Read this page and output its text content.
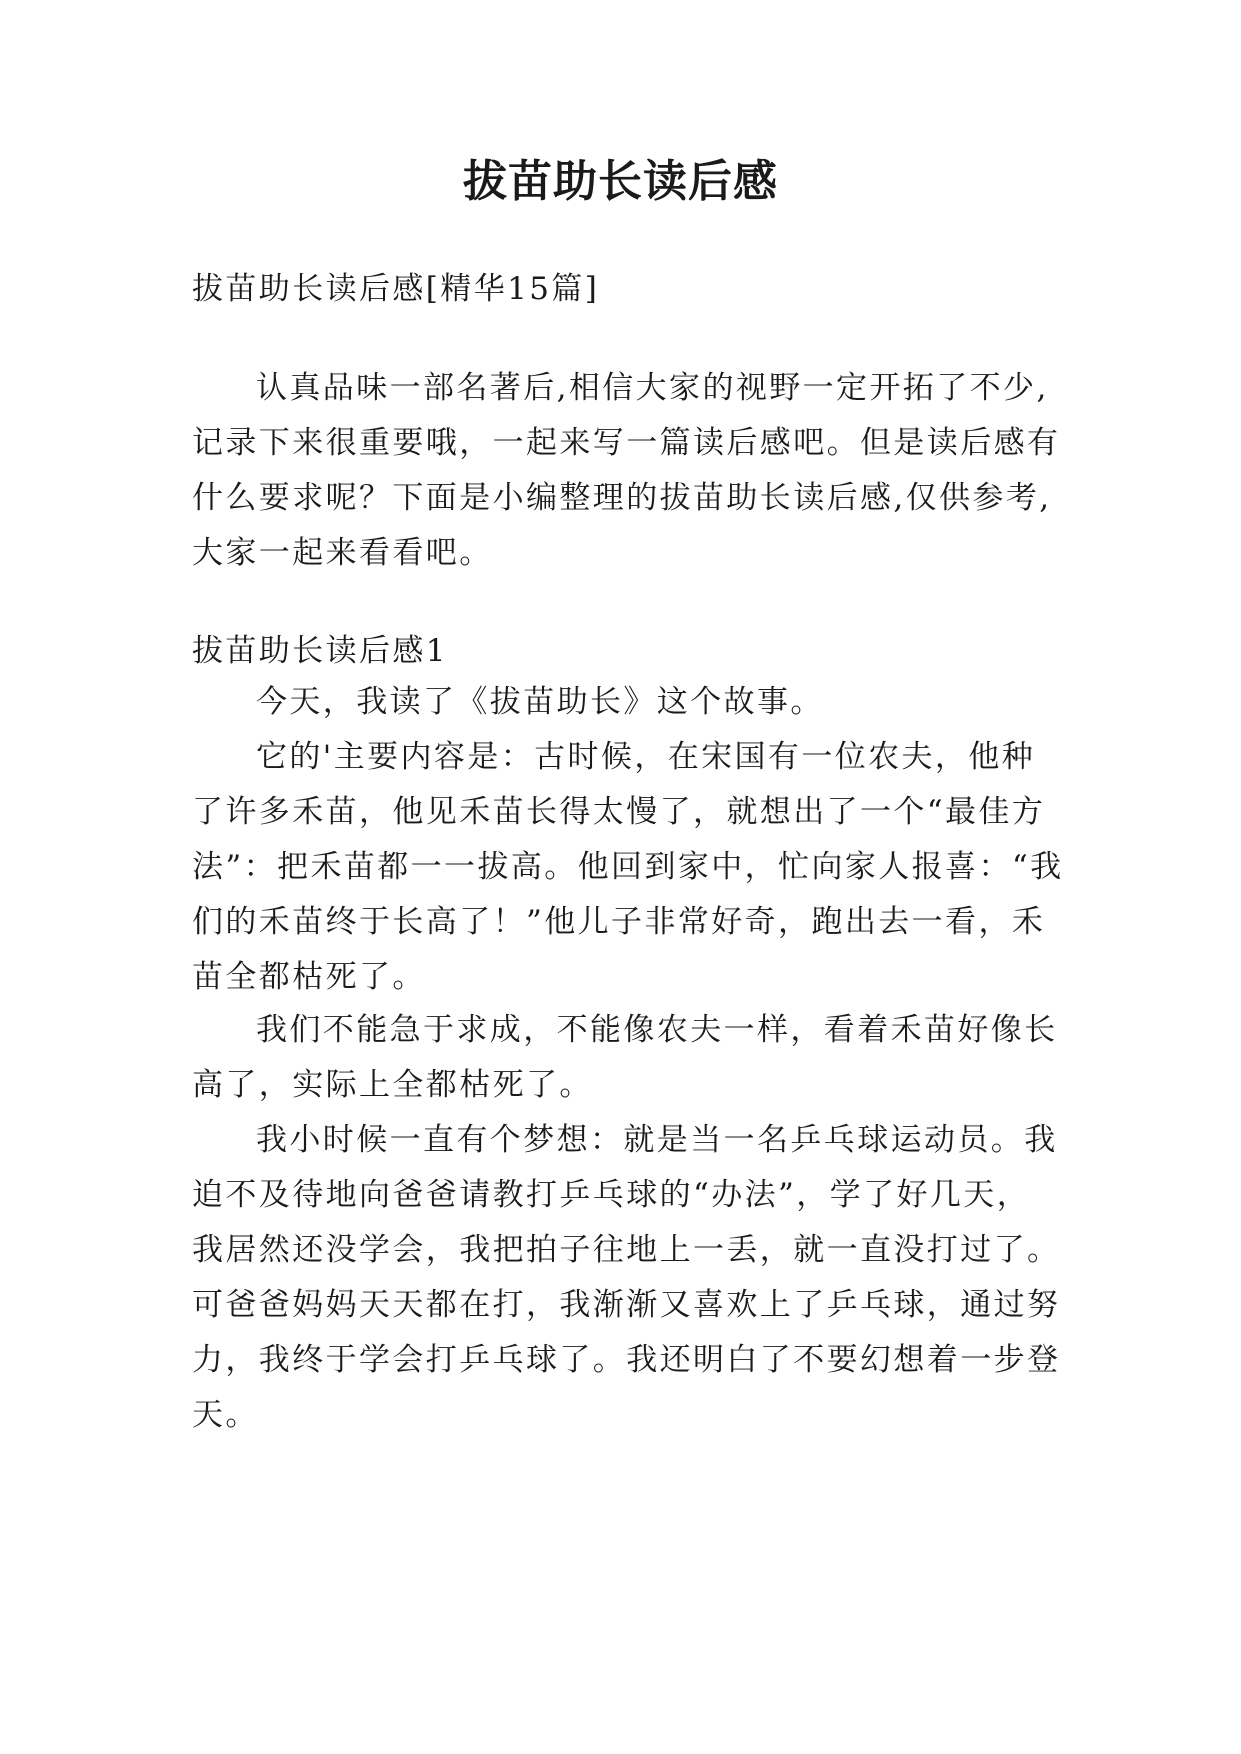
拔苗助长读后感
拔苗助长读后感[精华15篇]
认真品味一部名著后,相信大家的视野一定开拓了不少,
记录下来很重要哦，一起来写一篇读后感吧。但是读后感有
什么要求呢？下面是小编整理的拔苗助长读后感,仅供参考,
大家一起来看看吧。
拔苗助长读后感1
今天，我读了《拔苗助长》这个故事。
它的'主要内容是：古时候，在宋国有一位农夫，他种
了许多禾苗，他见禾苗长得太慢了，就想出了一个“最佳方
法”：把禾苗都一一拔高。他回到家中，忙向家人报喜：“我
们的禾苗终于长高了！”他儿子非常好奇，跑出去一看，禾
苗全都枯死了。
我们不能急于求成，不能像农夫一样，看着禾苗好像长
高了，实际上全都枯死了。
我小时候一直有个梦想：就是当一名乒乓球运动员。我
迫不及待地向爸爸请教打乒乓球的“办法”，学了好几天，
我居然还没学会，我把拍子往地上一丢，就一直没打过了。
可爸爸妈妈天天都在打，我渐渐又喜欢上了乒乓球，通过努
力，我终于学会打乒乓球了。我还明白了不要幻想着一步登
天。
